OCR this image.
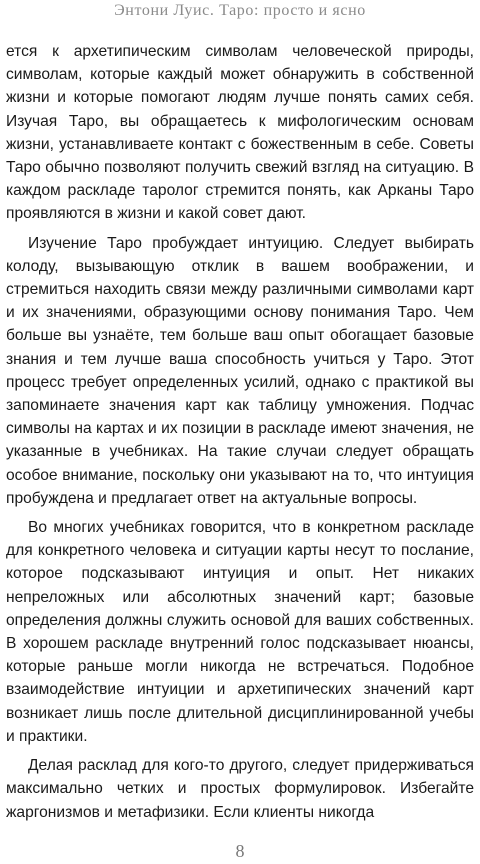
Энтони Луис. Таро: просто и ясно

ется к архетипическим символам человеческой природы, символам, которые каждый может обнаружить в собственной жизни и которые помогают людям лучше понять самих себя. Изучая Таро, вы обращаетесь к мифологическим основам жизни, устанавливаете контакт с божественным в себе. Советы Таро обычно позволяют получить свежий взгляд на ситуацию. В каждом раскладе таролог стремится понять, как Арканы Таро проявляются в жизни и какой совет дают.

Изучение Таро пробуждает интуицию. Следует выбирать колоду, вызывающую отклик в вашем воображении, и стремиться находить связи между различными символами карт и их значениями, образующими основу понимания Таро. Чем больше вы узнаёте, тем больше ваш опыт обогащает базовые знания и тем лучше ваша способность учиться у Таро. Этот процесс требует определенных усилий, однако с практикой вы запоминаете значения карт как таблицу умножения. Подчас символы на картах и их позиции в раскладе имеют значения, не указанные в учебниках. На такие случаи следует обращать особое внимание, поскольку они указывают на то, что интуиция пробуждена и предлагает ответ на актуальные вопросы.

Во многих учебниках говорится, что в конкретном раскладе для конкретного человека и ситуации карты несут то послание, которое подсказывают интуиция и опыт. Нет никаких непреложных или абсолютных значений карт; базовые определения должны служить основой для ваших собственных. В хорошем раскладе внутренний голос подсказывает нюансы, которые раньше могли никогда не встречаться. Подобное взаимодействие интуиции и архетипических значений карт возникает лишь после длительной дисциплинированной учебы и практики.

Делая расклад для кого-то другого, следует придерживаться максимально четких и простых формулировок. Избегайте жаргонизмов и метафизики. Если клиенты никогда

8
